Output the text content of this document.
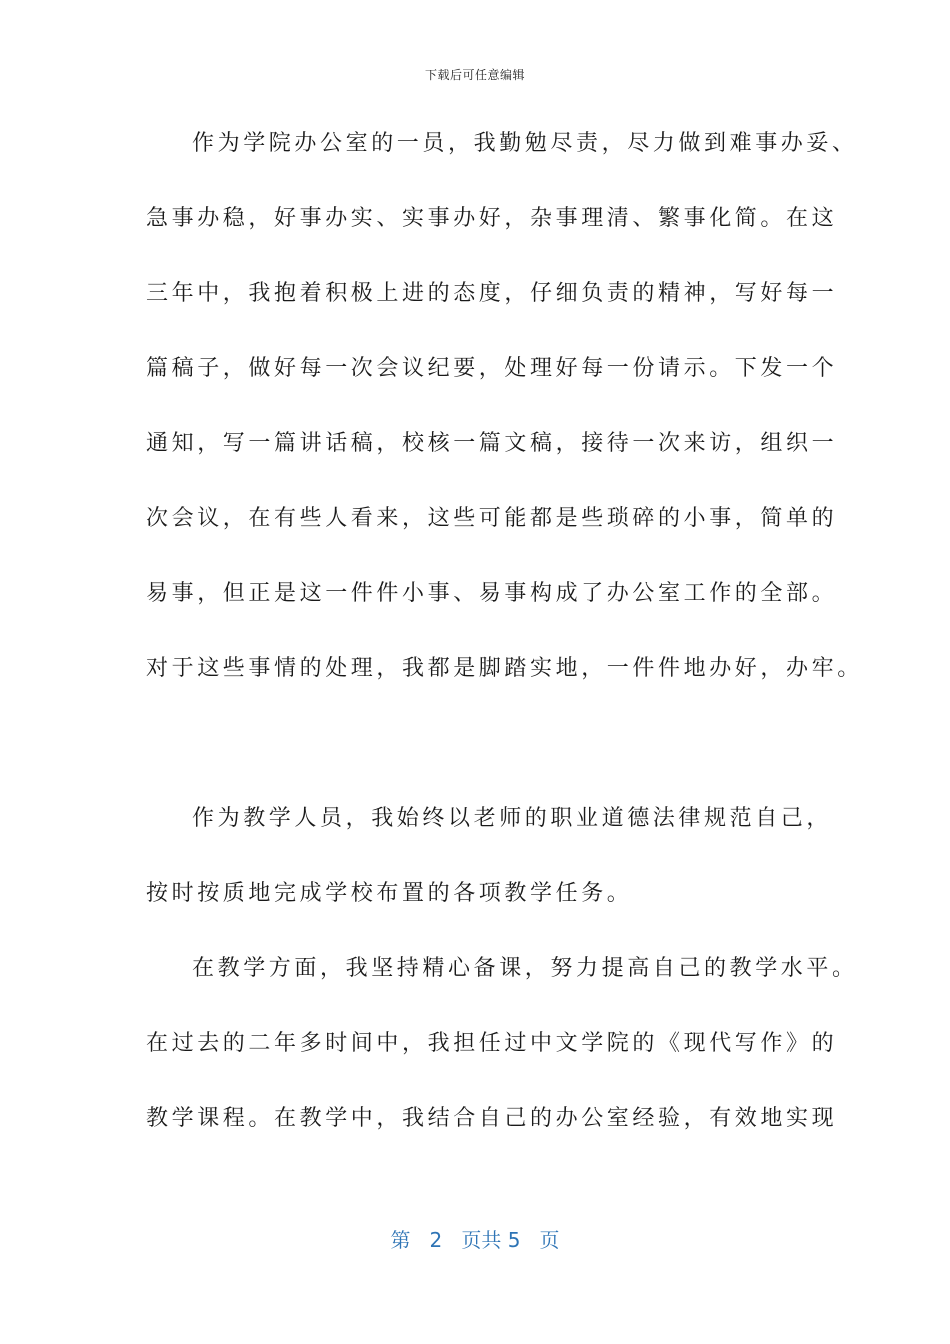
下载后可任意编辑
作为学院办公室的一员，我勤勉尽责，尽力做到难事办妥、
急事办稳，好事办实、实事办好，杂事理清、繁事化简。在这
三年中，我抱着积极上进的态度，仔细负责的精神，写好每一
篇稿子，做好每一次会议纪要，处理好每一份请示。下发一个
通知，写一篇讲话稿，校核一篇文稿，接待一次来访，组织一
次会议，在有些人看来，这些可能都是些琐碎的小事，简单的
易事，但正是这一件件小事、易事构成了办公室工作的全部。
对于这些事情的处理，我都是脚踏实地，一件件地办好，办牢。
作为教学人员，我始终以老师的职业道德法律规范自己，
按时按质地完成学校布置的各项教学任务。
在教学方面，我坚持精心备课，努力提高自己的教学水平。
在过去的二年多时间中，我担任过中文学院的《现代写作》的
教学课程。在教学中，我结合自己的办公室经验，有效地实现
第 2 页共 5 页
